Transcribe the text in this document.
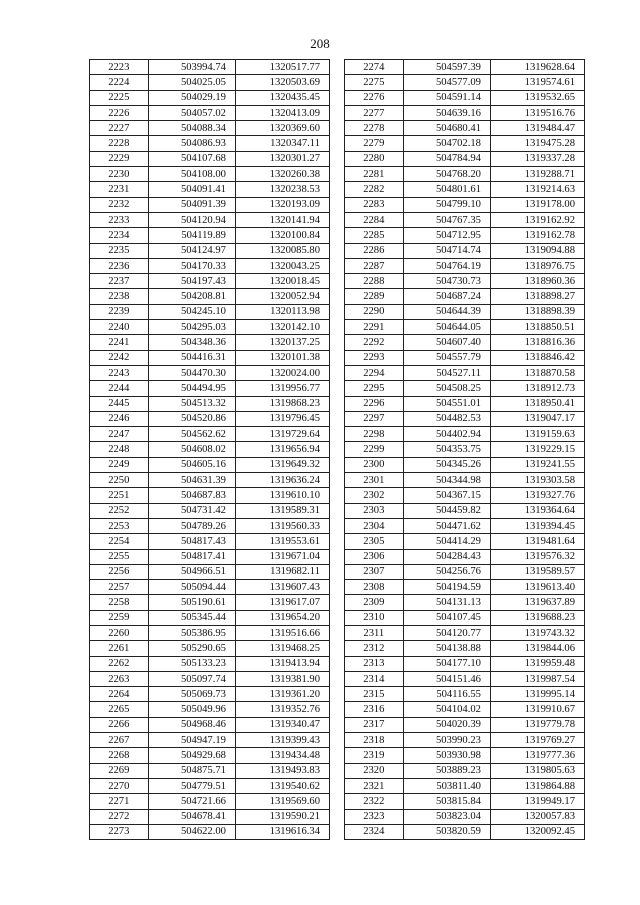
208
2223	503994.74	1320517.77
2224	504025.05	1320503.69
2225	504029.19	1320435.45
2226	504057.02	1320413.09
2227	504088.34	1320369.60
2228	504086.93	1320347.11
2229	504107.68	1320301.27
2230	504108.00	1320260.38
2231	504091.41	1320238.53
2232	504091.39	1320193.09
2233	504120.94	1320141.94
2234	504119.89	1320100.84
2235	504124.97	1320085.80
2236	504170.33	1320043.25
2237	504197.43	1320018.45
2238	504208.81	1320052.94
2239	504245.10	1320113.98
2240	504295.03	1320142.10
2241	504348.36	1320137.25
2242	504416.31	1320101.38
2243	504470.30	1320024.00
2244	504494.95	1319956.77
2445	504513.32	1319868.23
2246	504520.86	1319796.45
2247	504562.62	1319729.64
2248	504608.02	1319656.94
2249	504605.16	1319649.32
2250	504631.39	1319636.24
2251	504687.83	1319610.10
2252	504731.42	1319589.31
2253	504789.26	1319560.33
2254	504817.43	1319553.61
2255	504817.41	1319671.04
2256	504966.51	1319682.11
2257	505094.44	1319607.43
2258	505190.61	1319617.07
2259	505345.44	1319654.20
2260	505386.95	1319516.66
2261	505290.65	1319468.25
2262	505133.23	1319413.94
2263	505097.74	1319381.90
2264	505069.73	1319361.20
2265	505049.96	1319352.76
2266	504968.46	1319340.47
2267	504947.19	1319399.43
2268	504929.68	1319434.48
2269	504875.71	1319493.83
2270	504779.51	1319540.62
2271	504721.66	1319569.60
2272	504678.41	1319590.21
2273	504622.00	1319616.34
2274	504597.39	1319628.64
2275	504577.09	1319574.61
2276	504591.14	1319532.65
2277	504639.16	1319516.76
2278	504680.41	1319484.47
2279	504702.18	1319475.28
2280	504784.94	1319337.28
2281	504768.20	1319288.71
2282	504801.61	1319214.63
2283	504799.10	1319178.00
2284	504767.35	1319162.92
2285	504712.95	1319162.78
2286	504714.74	1319094.88
2287	504764.19	1318976.75
2288	504730.73	1318960.36
2289	504687.24	1318898.27
2290	504644.39	1318898.39
2291	504644.05	1318850.51
2292	504607.40	1318816.36
2293	504557.79	1318846.42
2294	504527.11	1318870.58
2295	504508.25	1318912.73
2296	504551.01	1318950.41
2297	504482.53	1319047.17
2298	504402.94	1319159.63
2299	504353.75	1319229.15
2300	504345.26	1319241.55
2301	504344.98	1319303.58
2302	504367.15	1319327.76
2303	504459.82	1319364.64
2304	504471.62	1319394.45
2305	504414.29	1319481.64
2306	504284.43	1319576.32
2307	504256.76	1319589.57
2308	504194.59	1319613.40
2309	504131.13	1319637.89
2310	504107.45	1319688.23
2311	504120.77	1319743.32
2312	504138.88	1319844.06
2313	504177.10	1319959.48
2314	504151.46	1319987.54
2315	504116.55	1319995.14
2316	504104.02	1319910.67
2317	504020.39	1319779.78
2318	503990.23	1319769.27
2319	503930.98	1319777.36
2320	503889.23	1319805.63
2321	503811.40	1319864.88
2322	503815.84	1319949.17
2323	503823.04	1320057.83
2324	503820.59	1320092.45
